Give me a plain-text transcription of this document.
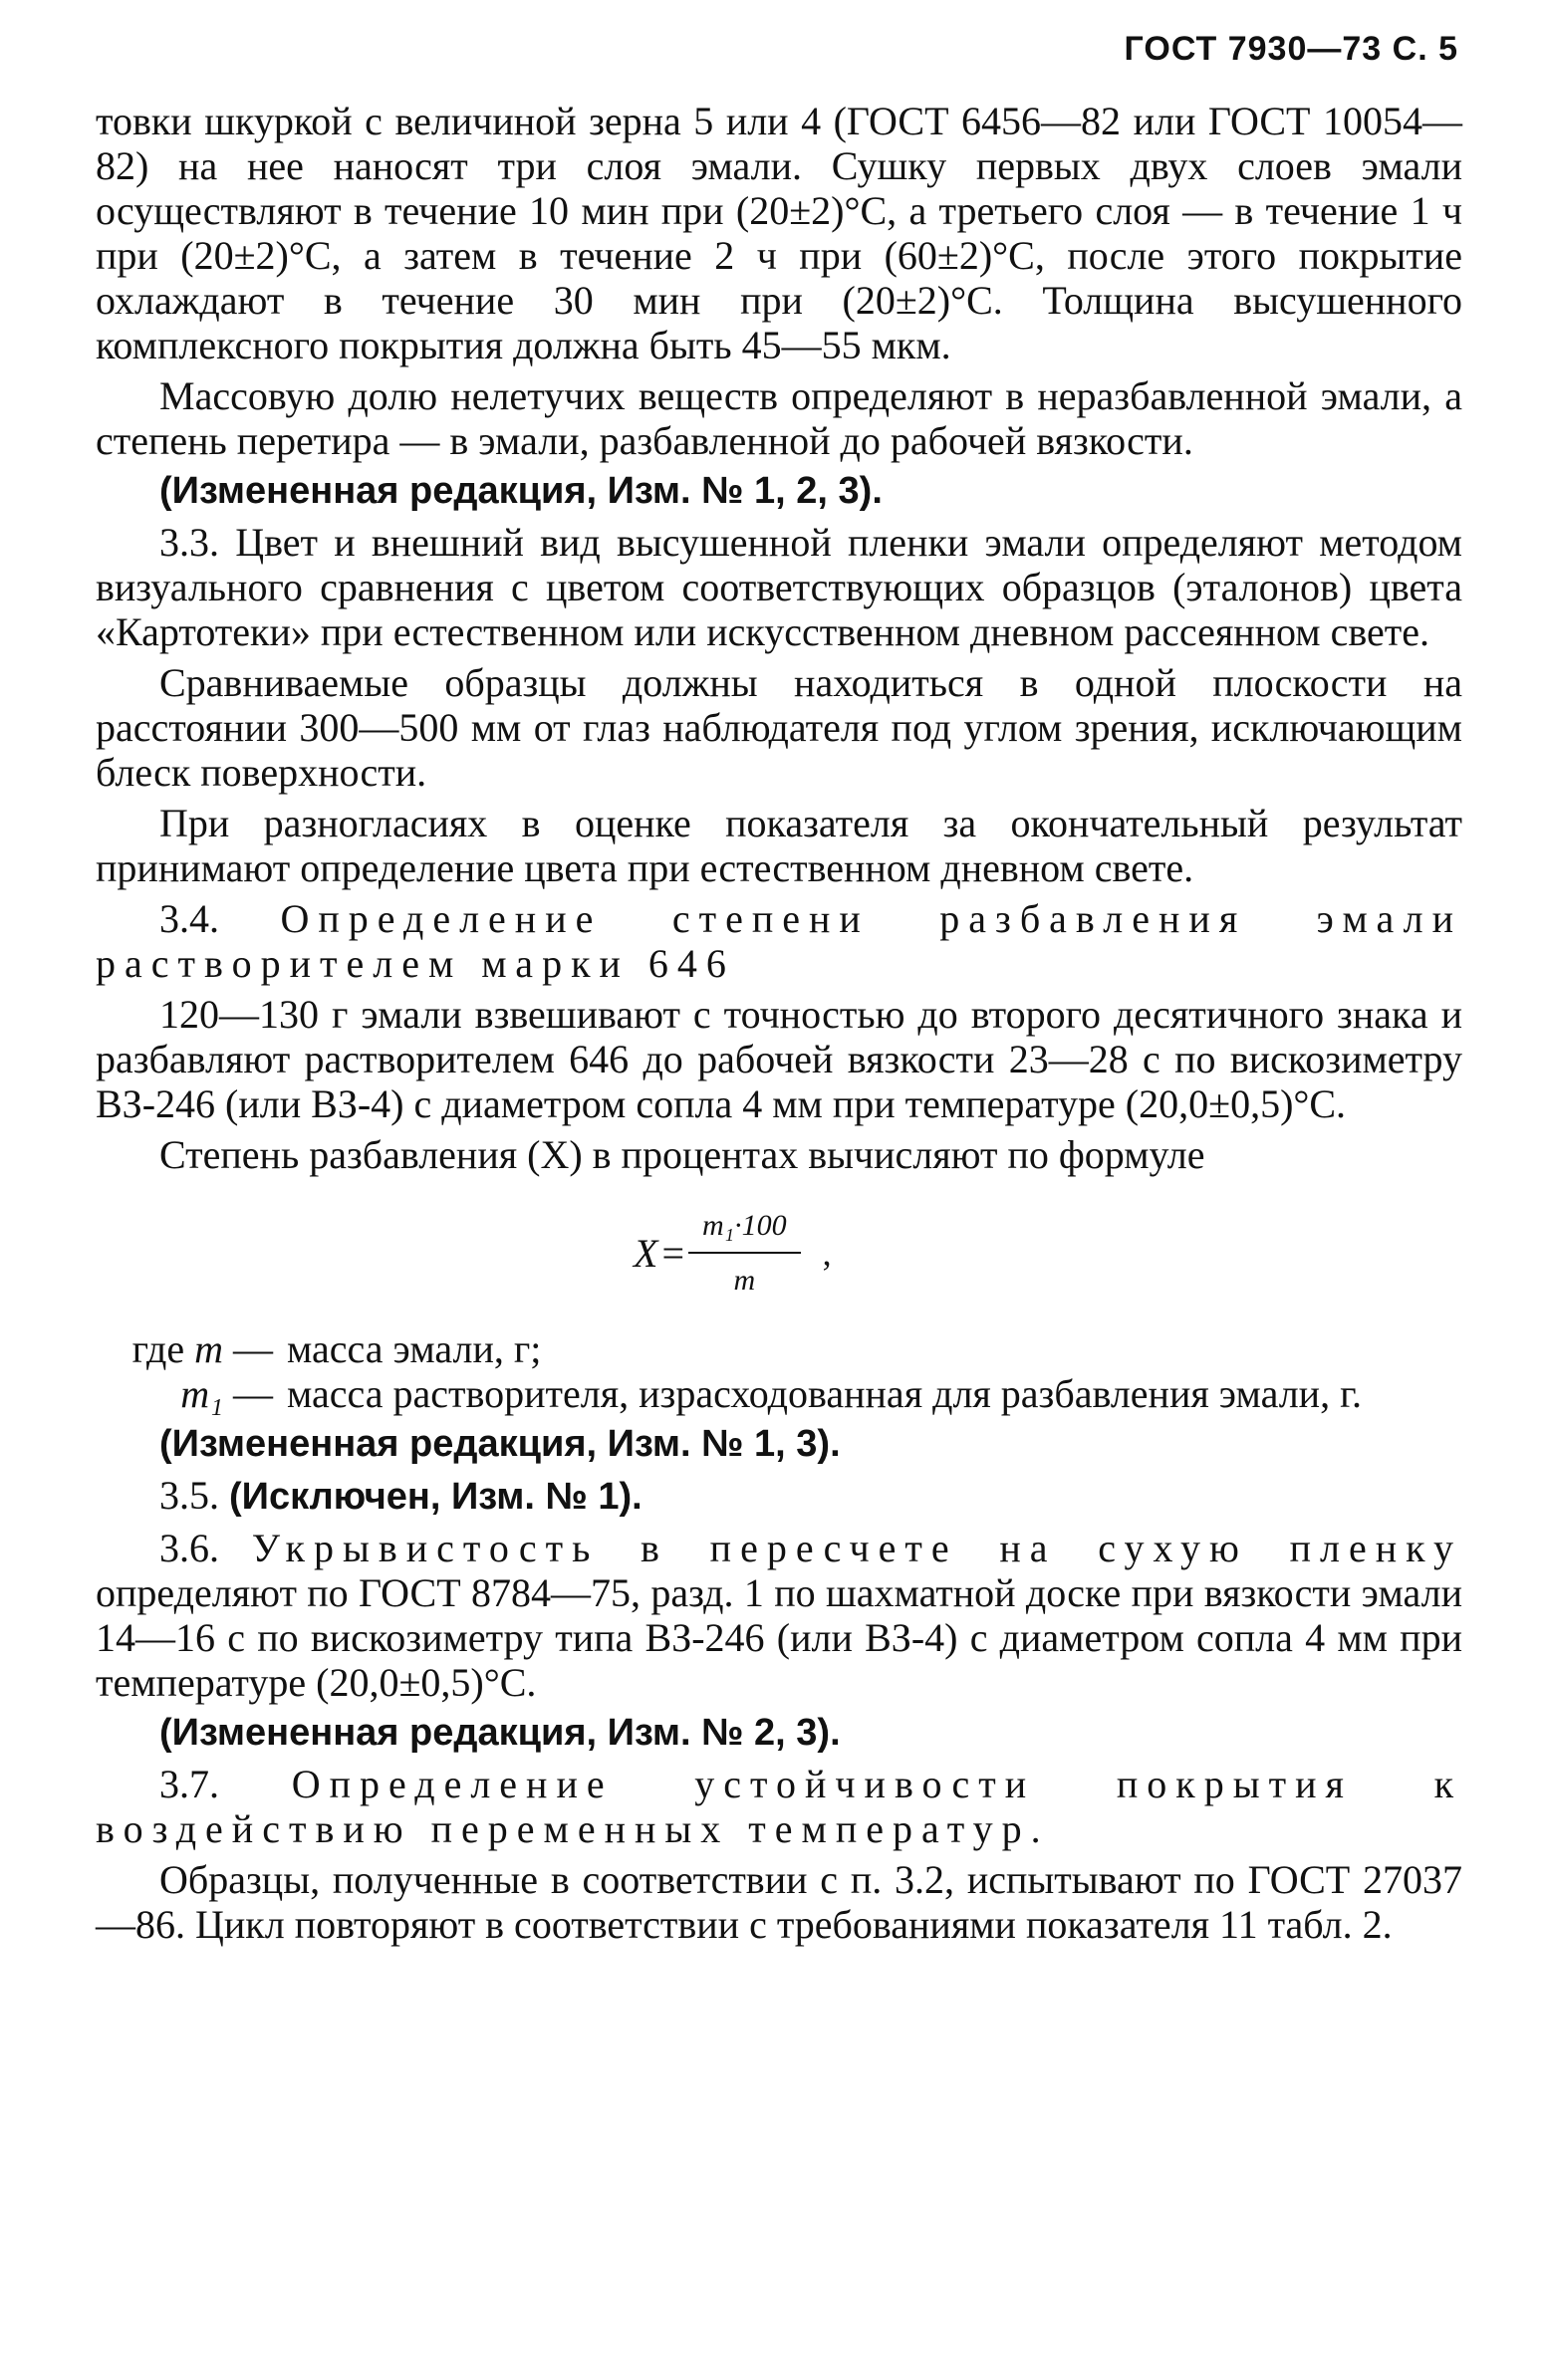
ГОСТ 7930—73 С. 5

товки шкуркой с величиной зерна 5 или 4 (ГОСТ 6456—82 или ГОСТ 10054—82) на нее наносят три слоя эмали. Сушку первых двух слоев эмали осуществляют в течение 10 мин при (20±2)°С, а третьего слоя — в течение 1 ч при (20±2)°С, а затем в течение 2 ч при (60±2)°С, после этого покрытие охлаждают в течение 30 мин при (20±2)°С. Толщина высушенного комплексного покрытия должна быть 45—55 мкм.

Массовую долю нелетучих веществ определяют в неразбавленной эмали, а степень перетира — в эмали, разбавленной до рабочей вязкости.

(Измененная редакция, Изм. № 1, 2, 3).

3.3. Цвет и внешний вид высушенной пленки эмали определяют методом визуального сравнения с цветом соответствующих образцов (эталонов) цвета «Картотеки» при естественном или искусственном дневном рассеянном свете.

Сравниваемые образцы должны находиться в одной плоскости на расстоянии 300—500 мм от глаз наблюдателя под углом зрения, исключающим блеск поверхности.

При разногласиях в оценке показателя за окончательный результат принимают определение цвета при естественном дневном свете.

3.4. Определение степени разбавления эмали растворителем марки 646

120—130 г эмали взвешивают с точностью до второго десятичного знака и разбавляют растворителем 646 до рабочей вязкости 23—28 с по вискозиметру ВЗ-246 (или ВЗ-4) с диаметром сопла 4 мм при температуре (20,0±0,5)°С.

Степень разбавления (X) в процентах вычисляют по формуле

$X = \frac{\text{m₁·100}}{m}$ ,
где m — масса эмали, г;
m₁ — масса растворителя, израсходованная для разбавления эмали, г.

(Измененная редакция, Изм. № 1, 3).

3.5. (Исключен, Изм. № 1).

3.6. Укрывистость в пересчете на сухую пленку определяют по ГОСТ 8784—75, разд. 1 по шахматной доске при вязкости эмали 14—16 с по вискозиметру типа ВЗ-246 (или ВЗ-4) с диаметром сопла 4 мм при температуре (20,0±0,5)°С.

(Измененная редакция, Изм. № 2, 3).

3.7. Определение устойчивости покрытия к воздействию переменных температур.

Образцы, полученные в соответствии с п. 3.2, испытывают по ГОСТ 27037—86. Цикл повторяют в соответствии с требованиями показателя 11 табл. 2.
